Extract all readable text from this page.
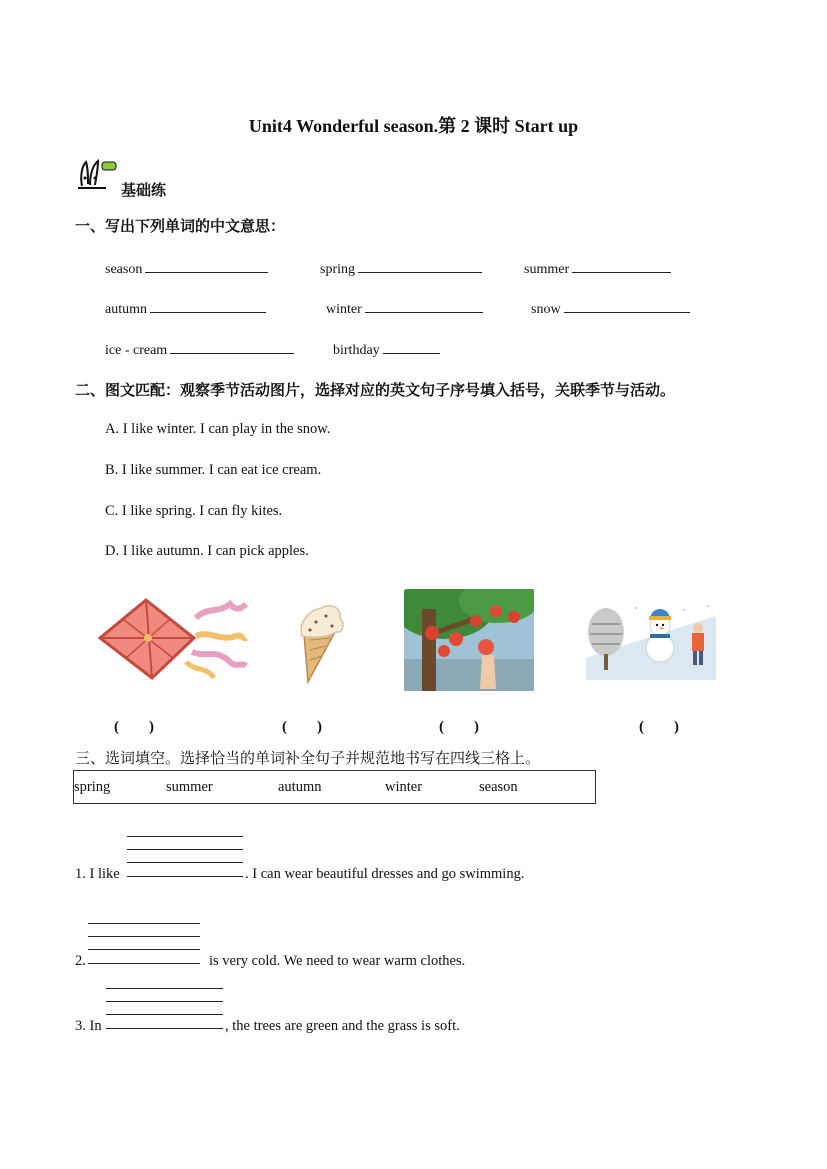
Unit4 Wonderful season.第 2 课时 Start up
基础练
一、写出下列单词的中文意思：
season	spring	summer
autumn	winter	snow
ice - cream	birthday
二、图文匹配：观察季节活动图片，选择对应的英文句子序号填入括号，关联季节与活动。
A. I like winter. I can play in the snow.
B. I like summer. I can eat ice cream.
C. I like spring. I can fly kites.
D. I like autumn. I can pick apples.
(　　)	(　　)	(　　)	(　　)
三、选词填空。选择恰当的单词补全句子并规范地书写在四线三格上。
spring	summer	autumn	winter	season
1. I like	. I can wear beautiful dresses and go swimming.
2.	is very cold. We need to wear warm clothes.
3. In	, the trees are green and the grass is soft.
